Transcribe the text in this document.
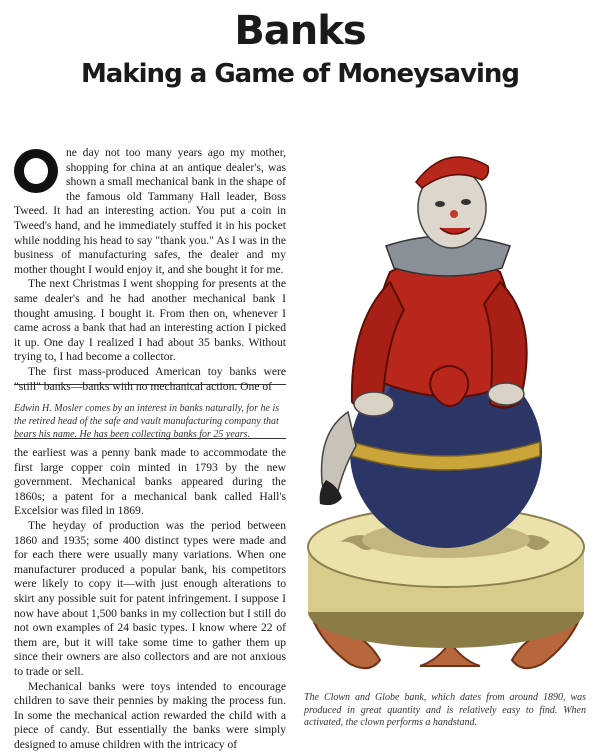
Banks
Making a Game of Moneysaving

ne day not too many years ago my mother, shopping for china at an antique dealer's, was shown a small mechanical bank in the shape of the famous old Tammany Hall leader, Boss Tweed. It had an interesting action. You put a coin in Tweed's hand, and he immediately stuffed it in his pocket while nodding his head to say "thank you." As I was in the business of manufacturing safes, the dealer and my mother thought I would enjoy it, and she bought it for me.

The next Christmas I went shopping for presents at the same dealer's and he had another mechanical bank I thought amusing. I bought it. From then on, whenever I came across a bank that had an interesting action I picked it up. One day I realized I had about 35 banks. Without trying to, I had become a collector.

The first mass-produced American toy banks were "still" banks—banks with no mechanical action. One of

Edwin H. Mosler comes by an interest in banks naturally, for he is the retired head of the safe and vault manufacturing company that bears his name. He has been collecting banks for 25 years.

the earliest was a penny bank made to accommodate the first large copper coin minted in 1793 by the new government. Mechanical banks appeared during the 1860s; a patent for a mechanical bank called Hall's Excelsior was filed in 1869.

The heyday of production was the period between 1860 and 1935; some 400 distinct types were made and for each there were usually many variations. When one manufacturer produced a popular bank, his competitors were likely to copy it—with just enough alterations to skirt any possible suit for patent infringement. I suppose I now have about 1,500 banks in my collection but I still do not own examples of 24 basic types. I know where 22 of them are, but it will take some time to gather them up since their owners are also collectors and are not anxious to trade or sell.

Mechanical banks were toys intended to encourage children to save their pennies by making the process fun. In some the mechanical action rewarded the child with a piece of candy. But essentially the banks were simply designed to amuse children with the intricacy of

The Clown and Globe bank, which dates from around 1890, was produced in great quantity and is relatively easy to find. When activated, the clown performs a handstand.
